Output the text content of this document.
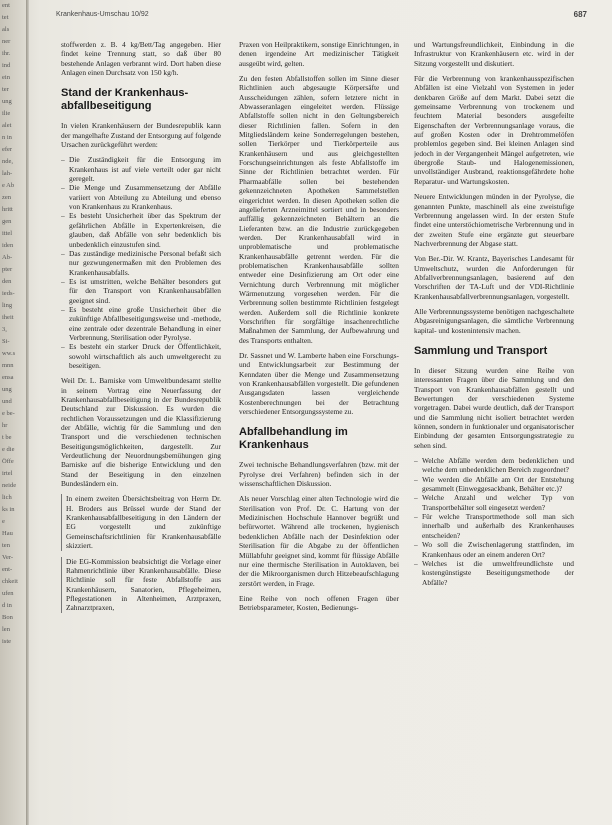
ent
tet
als
ner
ihr.
ind
ein
ter
ung
ilie
alet
n in
efer
nde,
lah-
e Ab
zen
hritt
gen
ittel
iden
Ab-
pter
den
ieds-
ling
iheit
3,
Si-
ww.s
mnn
ensa
ung
und
e be-
hr
t be
e die
Öffe
irtel
neide
lich
ks in
e
Hau
ten
Ver-
ent-
chkeit
ufen
d in
Bon
len
iste
Krankenhaus-Umschau 10/92	687

stoffwerden z. B. 4 kg/Bett/Tag angegeben. Hier findet keine Trennung statt, so daß über 80 bestehende Anlagen verbrannt wird. Dort haben diese Anlagen einen Durchsatz von 150 kg/h.

Stand der Krankenhaus-abfallbeseitigung

In vielen Krankenhäusern der Bundesrepublik kann der mangelhafte Zustand der Entsorgung auf folgende Ursachen zurückgeführt werden:

– Die Zuständigkeit für die Entsorgung im Krankenhaus ist auf viele verteilt oder gar nicht geregelt.
– Die Menge und Zusammensetzung der Abfälle variiert von Abteilung zu Abteilung und ebenso von Krankenhaus zu Krankenhaus.
– Es besteht Unsicherheit über das Spektrum der gefährlichen Abfälle in Expertenkreisen, die glauben, daß Abfälle von sehr bedenklich bis unbedenklich einzustufen sind.
– Das zuständige medizinische Personal befaßt sich nur gezwungenermaßen mit den Problemen des Krankenhausabfalls.
– Es ist umstritten, welche Behälter besonders gut für den Transport von Krankenhausabfällen geeignet sind.
– Es besteht eine große Unsicherheit über die zukünftige Abfallbeseitigungsweise und -methode, eine zentrale oder dezentrale Behandlung in einer Verbrennung, Sterilisation oder Pyrolyse.
– Es besteht ein starker Druck der Öffentlichkeit, sowohl wirtschaftlich als auch umweltgerecht zu beseitigen.

Weil Dr. L. Barniske vom Umweltbundesamt stellte in seinem Vortrag eine Neuerfassung der Krankenhausabfallbeseitigung in der Bundesrepublik Deutschland zur Diskussion. Es wurden die rechtlichen Voraussetzungen und die Klassifizierung der Abfälle, wichtig für die Sammlung und den Transport und die verschiedenen technischen Beseitigungsmöglichkeiten, dargestellt. Zur Verdeutlichung der Neuordnungsbemühungen ging Barniske auf die bisherige Entwicklung und den Stand der Beseitigung in den einzelnen Bundesländern ein.

In einem zweiten Übersichtsbeitrag von Herrn Dr. H. Broders aus Brüssel wurde der Stand der Krankenhausabfallbeseitigung in den Ländern der EG vorgestellt und zukünftige Gemeinschaftsrichtlinien für Krankenhausabfälle skizziert.

Die EG-Kommission beabsichtigt die Vorlage einer Rahmenrichtlinie über Krankenhausabfälle. Diese Richtlinie soll für feste Abfallstoffe aus Krankenhäusern, Sanatorien, Pflegeheimen, Pflegestationen in Altenheimen, Arztpraxen, Zahnarztpraxen,

Praxen von Heilpraktikern, sonstige Einrichtungen, in denen irgendeine Art medizinischer Tätigkeit ausgeübt wird, gelten.

Zu den festen Abfallstoffen sollen im Sinne dieser Richtlinien auch abgesaugte Körpersäfte und Ausscheidungen zählen, sofern letztere nicht in Abwasseranlagen eingeleitet werden. Flüssige Abfallstoffe sollen nicht in den Geltungsbereich dieser Richtlinien fallen. Sofern in den Mitgliedsländern keine Sonderregelungen bestehen, sollen Tierkörper und Tierkörperteile aus Krankenhäusern und aus gleichgestellten Forschungseinrichtungen als feste Abfallstoffe im Sinne der Richtlinien betrachtet werden. Für Pharmaabfälle sollen bei bestehenden gekennzeichneten Apotheken Sammelstellen eingerichtet werden. In diesen Apotheken sollen die angelieferten Arzneimittel sortiert und in besonders auffällig gekennzeichneten Behältern an die Lieferanten bzw. an die Industrie zurückgegeben werden. Der Krankenhausabfall wird in unproblematische und problematische Krankenhausabfälle getrennt werden. Für die problematischen Krankenhausabfälle sollten entweder eine Desinfizierung am Ort oder eine Vernichtung durch Verbrennung mit möglicher Wärmenutzung vorgesehen werden. Für die Verbrennung sollen bestimmte Richtlinien festgelegt werden. Außerdem soll die Richtlinie konkrete Vorschriften für sorgfältige insachenrechtliche Maßnahmen der Sammlung, der Aufbewahrung und des Transports enthalten.

Dr. Sassnet und W. Lamberte haben eine Forschungs- und Entwicklungsarbeit zur Bestimmung der Kenndaten über die Menge und Zusammensetzung von Krankenhausabfällen vorgestellt. Die gefundenen Ausgangsdaten lassen vergleichende Kostenberechnungen bei der Betrachtung verschiedener Entsorgungssysteme zu.

Abfallbehandlung im Krankenhaus

Zwei technische Behandlungsverfahren (bzw. mit der Pyrolyse drei Verfahren) befinden sich in der wissenschaftlichen Diskussion.

Als neuer Vorschlag einer alten Technologie wird die Sterilisation von Prof. Dr. C. Hartung von der Medizinischen Hochschule Hannover begrüßt und befürwortet. Während alle trockenen, hygienisch bedenklichen Abfälle nach der Desinfektion oder Sterilisation für die Abgabe zu der öffentlichen Müllabfuhr geeignet sind, kommt für flüssige Abfälle nur eine thermische Sterilisation in Autoklaven, bei der die Mikroorganismen durch Hitzebeaufschlagung zerstört werden, in Frage.

Eine Reihe von noch offenen Fragen über Betriebsparameter, Kosten, Bedienungs-

und Wartungsfreundlichkeit, Einbindung in die Infrastruktur von Krankenhäusern etc. wird in der Sitzung vorgestellt und diskutiert.

Für die Verbrennung von krankenhausspezifischen Abfällen ist eine Vielzahl von Systemen in jeder denkbaren Größe auf dem Markt. Dabei setzt die gemeinsame Verbrennung von trockenem und feuchtem Material besonders ausgefeilte Eigenschaften der Verbrennungsanlage voraus, die auf großen Kosten oder in Drehtrommelöfen problemlos gegeben sind. Bei kleinen Anlagen sind jedoch in der Vergangenheit Mängel aufgetreten, wie übergroße Staub- und Halogenemissionen, unvollständiger Ausbrand, reaktionsgefährdete hohe Reparatur- und Wartungskosten.

Neuere Entwicklungen münden in der Pyrolyse, die genannten Punkte, maschinell als eine zweistufige Verbrennung angelassen wird. In der ersten Stufe findet eine unterstöchiometrische Verbrennung und in der zweiten Stufe eine ergänzte gut steuerbare Nachverbrennung der Abgase statt.

Von Ber.-Dir. W. Krantz, Bayerisches Landesamt für Umweltschutz, wurden die Anforderungen für Abfallverbrennungsanlagen, basierend auf den Vorschriften der TA-Luft und der VDI-Richtlinie Krankenhausabfallverbrennungsanlagen, vorgestellt.

Alle Verbrennungssysteme benötigen nachgeschaltete Abgasreinigungsanlagen, die sämtliche Verbrennung kapital- und kostenintensiv machen.

Sammlung und Transport

In dieser Sitzung wurden eine Reihe von interessanten Fragen über die Sammlung und den Transport von Krankenhausabfällen gestellt und Bewertungen der verschiedenen Systeme vorgetragen. Dabei wurde deutlich, daß der Transport und die Sammlung nicht isoliert betrachtet werden können, sondern in funktionaler und organisatorischer Einbindung der gesamten Entsorgungsstrategie zu sehen sind.

– Welche Abfälle werden dem bedenklichen und welche dem unbedenklichen Bereich zugeordnet?
– Wie werden die Abfälle am Ort der Entstehung gesammelt (Einweggesackbank, Behälter etc.)?
– Welche Anzahl und welcher Typ von Transportbehälter soll eingesetzt werden?
– Für welche Transportmethode soll man sich innerhalb und außerhalb des Krankenhauses entscheiden?
– Wo soll die Zwischenlagerung stattfinden, im Krankenhaus oder an einem anderen Ort?
– Welches ist die umweltfreundlichste und kostengünstigste Beseitigungsmethode der Abfälle?
